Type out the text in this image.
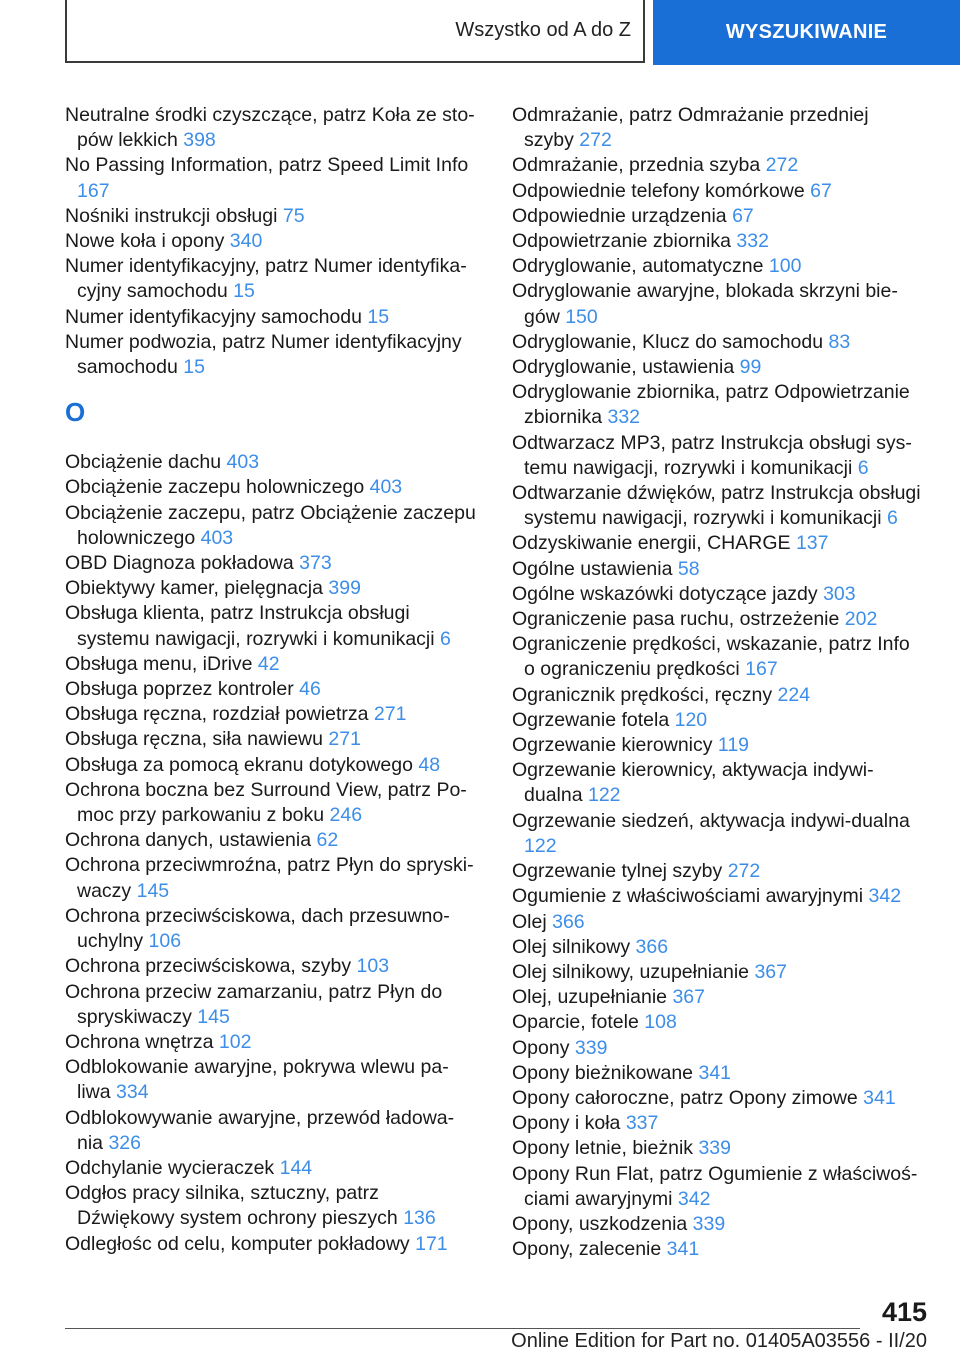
Wszystko od A do Z	WYSZUKIWANIE

Neutralne środki czyszczące, patrz Koła ze sto-pów lekkich 398

No Passing Information, patrz Speed Limit Info 167

Nośniki instrukcji obsługi 75

Nowe koła i opony 340

Numer identyfikacyjny, patrz Numer identyfika-cyjny samochodu 15

Numer identyfikacyjny samochodu 15

Numer podwozia, patrz Numer identyfikacyjny samochodu 15

O

Obciążenie dachu 403

Obciążenie zaczepu holowniczego 403

Obciążenie zaczepu, patrz Obciążenie zaczepu holowniczego 403

OBD Diagnoza pokładowa 373

Obiektywy kamer, pielęgnacja 399

Obsługa klienta, patrz Instrukcja obsługi systemu nawigacji, rozrywki i komunikacji 6

Obsługa menu, iDrive 42

Obsługa poprzez kontroler 46

Obsługa ręczna, rozdział powietrza 271

Obsługa ręczna, siła nawiewu 271

Obsługa za pomocą ekranu dotykowego 48

Ochrona boczna bez Surround View, patrz Po-moc przy parkowaniu z boku 246

Ochrona danych, ustawienia 62

Ochrona przeciwmroźna, patrz Płyn do spryski-waczy 145

Ochrona przeciwściskowa, dach przesuwno-uchylny 106

Ochrona przeciwściskowa, szyby 103

Ochrona przeciw zamarzaniu, patrz Płyn do spryskiwaczy 145

Ochrona wnętrza 102

Odblokowanie awaryjne, pokrywa wlewu pa-liwa 334

Odblokowywanie awaryjne, przewód ładowa-nia 326

Odchylanie wycieraczek 144

Odgłos pracy silnika, sztuczny, patrz Dźwiękowy system ochrony pieszych 136

Odległośc od celu, komputer pokładowy 171

Odmrażanie, patrz Odmrażanie przedniej szyby 272

Odmrażanie, przednia szyba 272

Odpowiednie telefony komórkowe 67

Odpowiednie urządzenia 67

Odpowietrzanie zbiornika 332

Odryglowanie, automatyczne 100

Odryglowanie awaryjne, blokada skrzyni bie-gów 150

Odryglowanie, Klucz do samochodu 83

Odryglowanie, ustawienia 99

Odryglowanie zbiornika, patrz Odpowietrzanie zbiornika 332

Odtwarzacz MP3, patrz Instrukcja obsługi sys-temu nawigacji, rozrywki i komunikacji 6

Odtwarzanie dźwięków, patrz Instrukcja obsługi systemu nawigacji, rozrywki i komunikacji 6

Odzyskiwanie energii, CHARGE 137

Ogólne ustawienia 58

Ogólne wskazówki dotyczące jazdy 303

Ograniczenie pasa ruchu, ostrzeżenie 202

Ograniczenie prędkości, wskazanie, patrz Info o ograniczeniu prędkości 167

Ogranicznik prędkości, ręczny 224

Ogrzewanie fotela 120

Ogrzewanie kierownicy 119

Ogrzewanie kierownicy, aktywacja indywi-dualna 122

Ogrzewanie siedzeń, aktywacja indywi-dualna 122

Ogrzewanie tylnej szyby 272

Ogumienie z właściwościami awaryjnymi 342

Olej 366

Olej silnikowy 366

Olej silnikowy, uzupełnianie 367

Olej, uzupełnianie 367

Oparcie, fotele 108

Opony 339

Opony bieżnikowane 341

Opony całoroczne, patrz Opony zimowe 341

Opony i koła 337

Opony letnie, bieżnik 339

Opony Run Flat, patrz Ogumienie z właściwoś-ciami awaryjnymi 342

Opony, uszkodzenia 339

Opony, zalecenie 341

415
Online Edition for Part no. 01405A03556 - II/20
